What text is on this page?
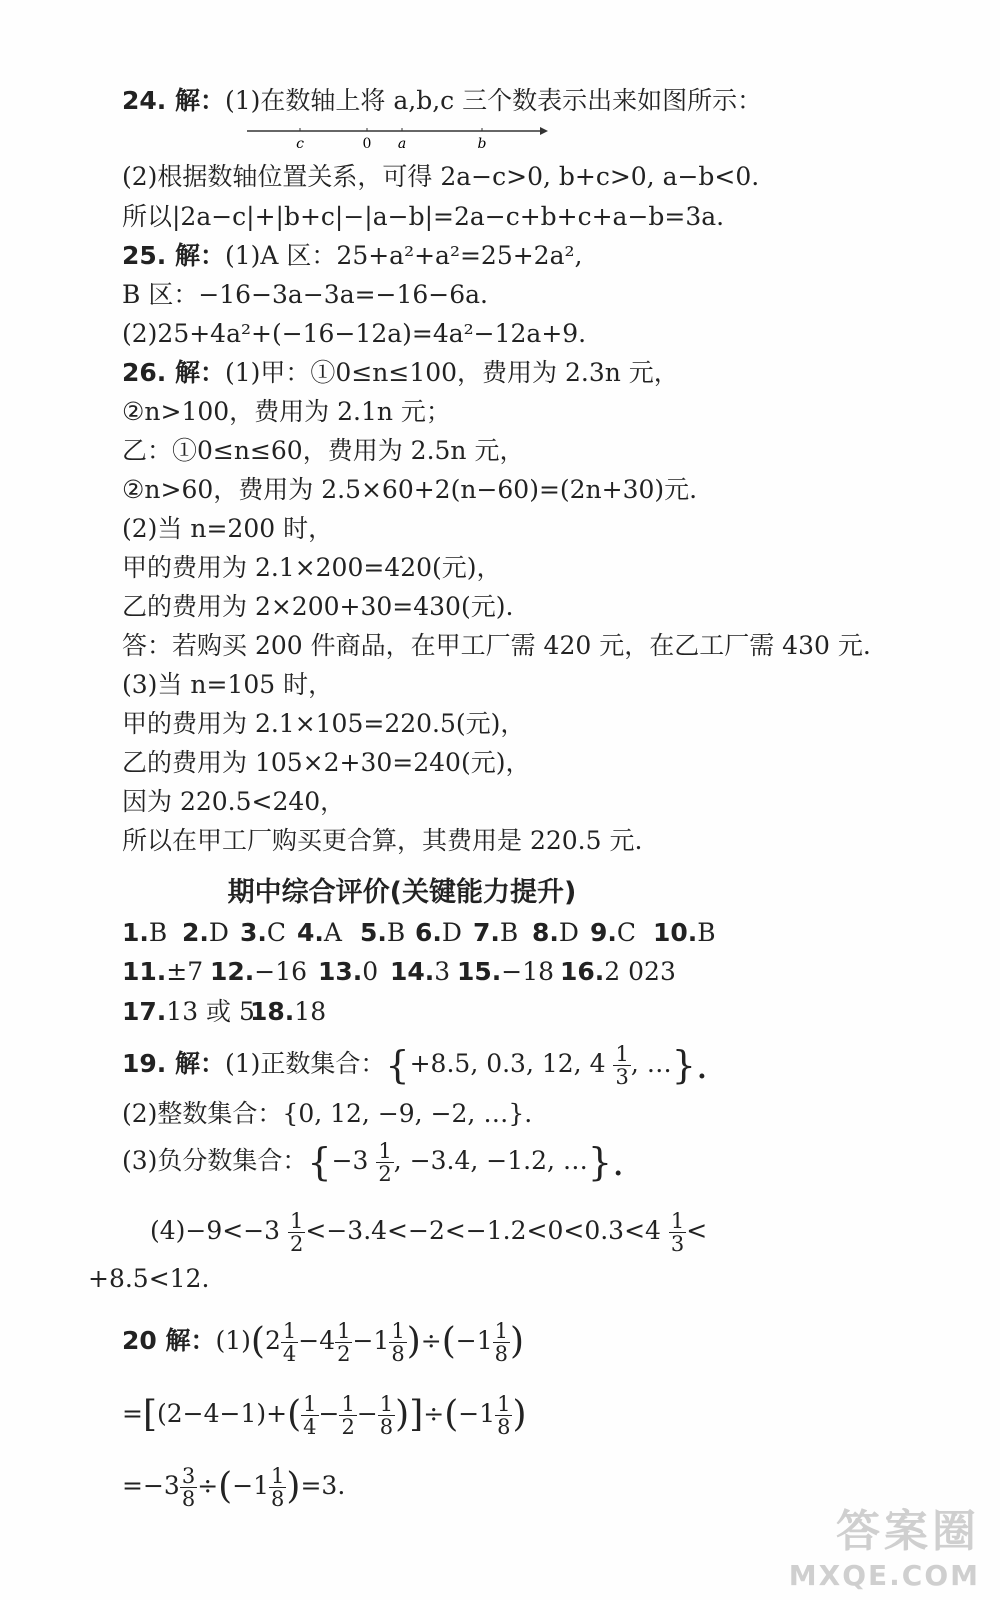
24. 解：(1)在数轴上将 a,b,c 三个数表示出来如图所示：
c	0 a	b
(2)根据数轴位置关系，可得 2a−c>0, b+c>0, a−b<0.
所以|2a−c|+|b+c|−|a−b|=2a−c+b+c+a−b=3a.
25. 解：(1)A 区：25+a²+a²=25+2a²,
B 区：−16−3a−3a=−16−6a.
(2)25+4a²+(−16−12a)=4a²−12a+9.
26. 解：(1)甲：①0≤n≤100，费用为 2.3n 元，
②n>100，费用为 2.1n 元；
乙：①0≤n≤60，费用为 2.5n 元，
②n>60，费用为 2.5×60+2(n−60)=(2n+30)元.
(2)当 n=200 时，
甲的费用为 2.1×200=420(元)，
乙的费用为 2×200+30=430(元).
答：若购买 200 件商品，在甲工厂需 420 元，在乙工厂需 430 元.
(3)当 n=105 时，
甲的费用为 2.1×105=220.5(元)，
乙的费用为 105×2+30=240(元)，
因为 220.5<240，
所以在甲工厂购买更合算，其费用是 220.5 元.
期中综合评价(关键能力提升)
1.B 2.D 3.C 4.A 5.B 6.D 7.B 8.D 9.C 10.B
11.±7 12.−16 13.0 14.3 15.−18 16.2 023
17.13 或 5
18.18
19. 解：(1)正数集合：{+8.5, 0.3, 12, $4 \frac{1}{3}$ , …}.
(2)整数集合：{0, 12, −9, −2, …}.
(3)负分数集合：{$-3 \frac{1}{2}$ , −3.4, −1.2, …}.
$(4)-9<-3 \frac{1}{2} <-3.4<-2<-1.2<0<0.3<4 \frac{1}{3}$ <
+8.5<12.
20 解：$(1)(2 \frac{1}{4} -4 \frac{1}{2} -1 \frac{1}{8} )\div(-1 \frac{1}{8}$ )
$=[(2-4-1)+( \frac{1}{4} - \frac{1}{2} - \frac{1}{8} )]\div(-1 \frac{1}{8}$ )
$=-3 \frac{3}{8} \div(-1 \frac{1}{8} )=3$.
答案圈
MXQE.COM
